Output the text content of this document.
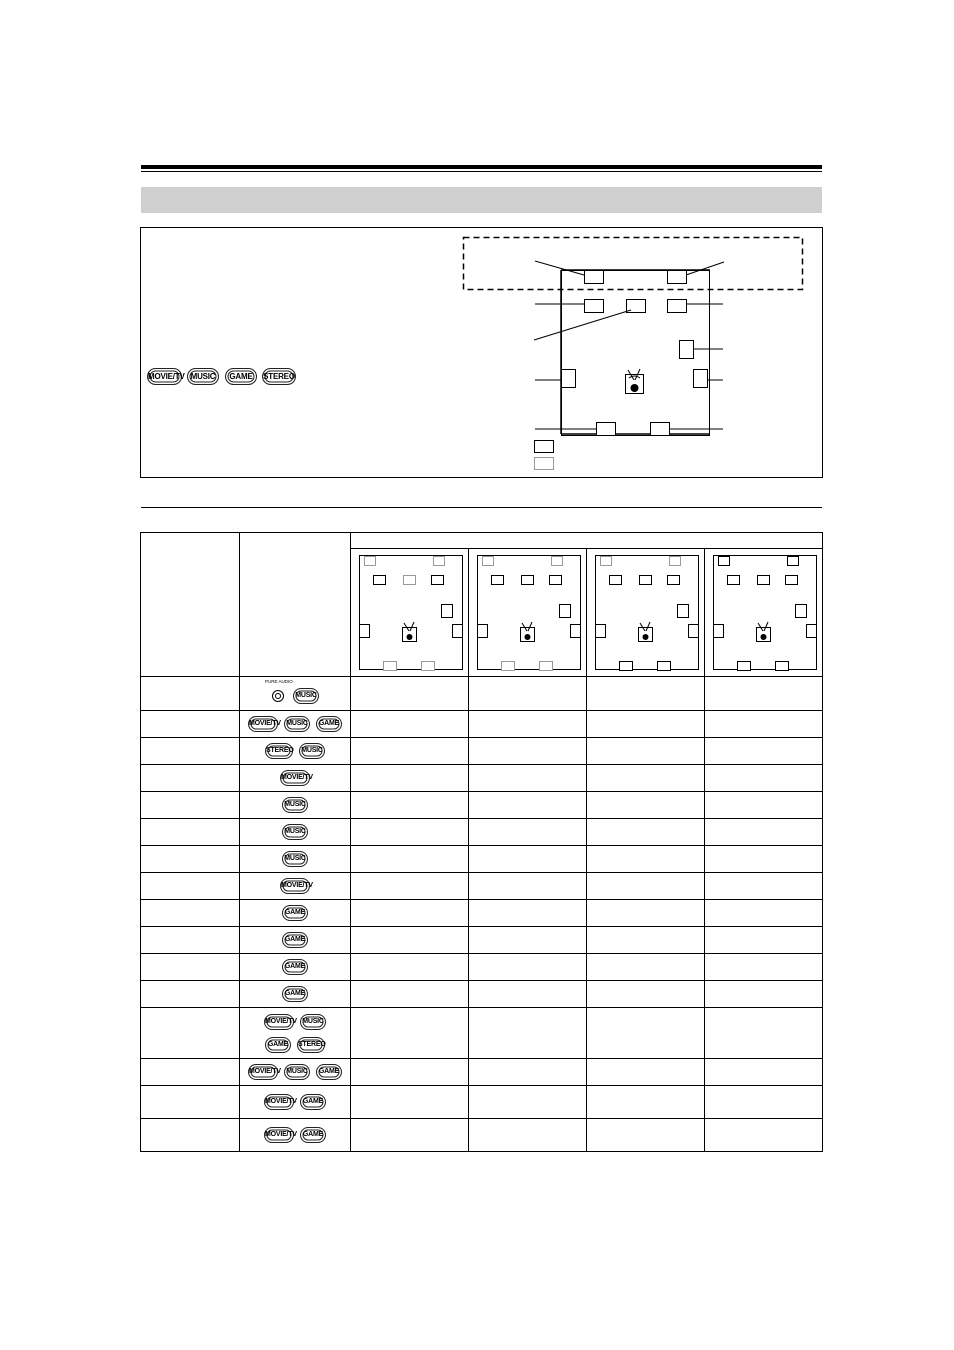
MOVIE/TV MUSIC	GAME	STEREO

	PURE AUDIO
MUSIC				

	MOVIE/TV MUSIC GAME				

	STEREO MUSIC				

	MOVIE/TV				

	MUSIC				

	MUSIC				

	MUSIC				

	MOVIE/TV				

	GAME				

	GAME				

	GAME				

	GAME				

	MOVIE/TV MUSIC
GAME STEREO				

	MOVIE/TV MUSIC GAME				

	MOVIE/TV GAME				

	MOVIE/TV GAME				
